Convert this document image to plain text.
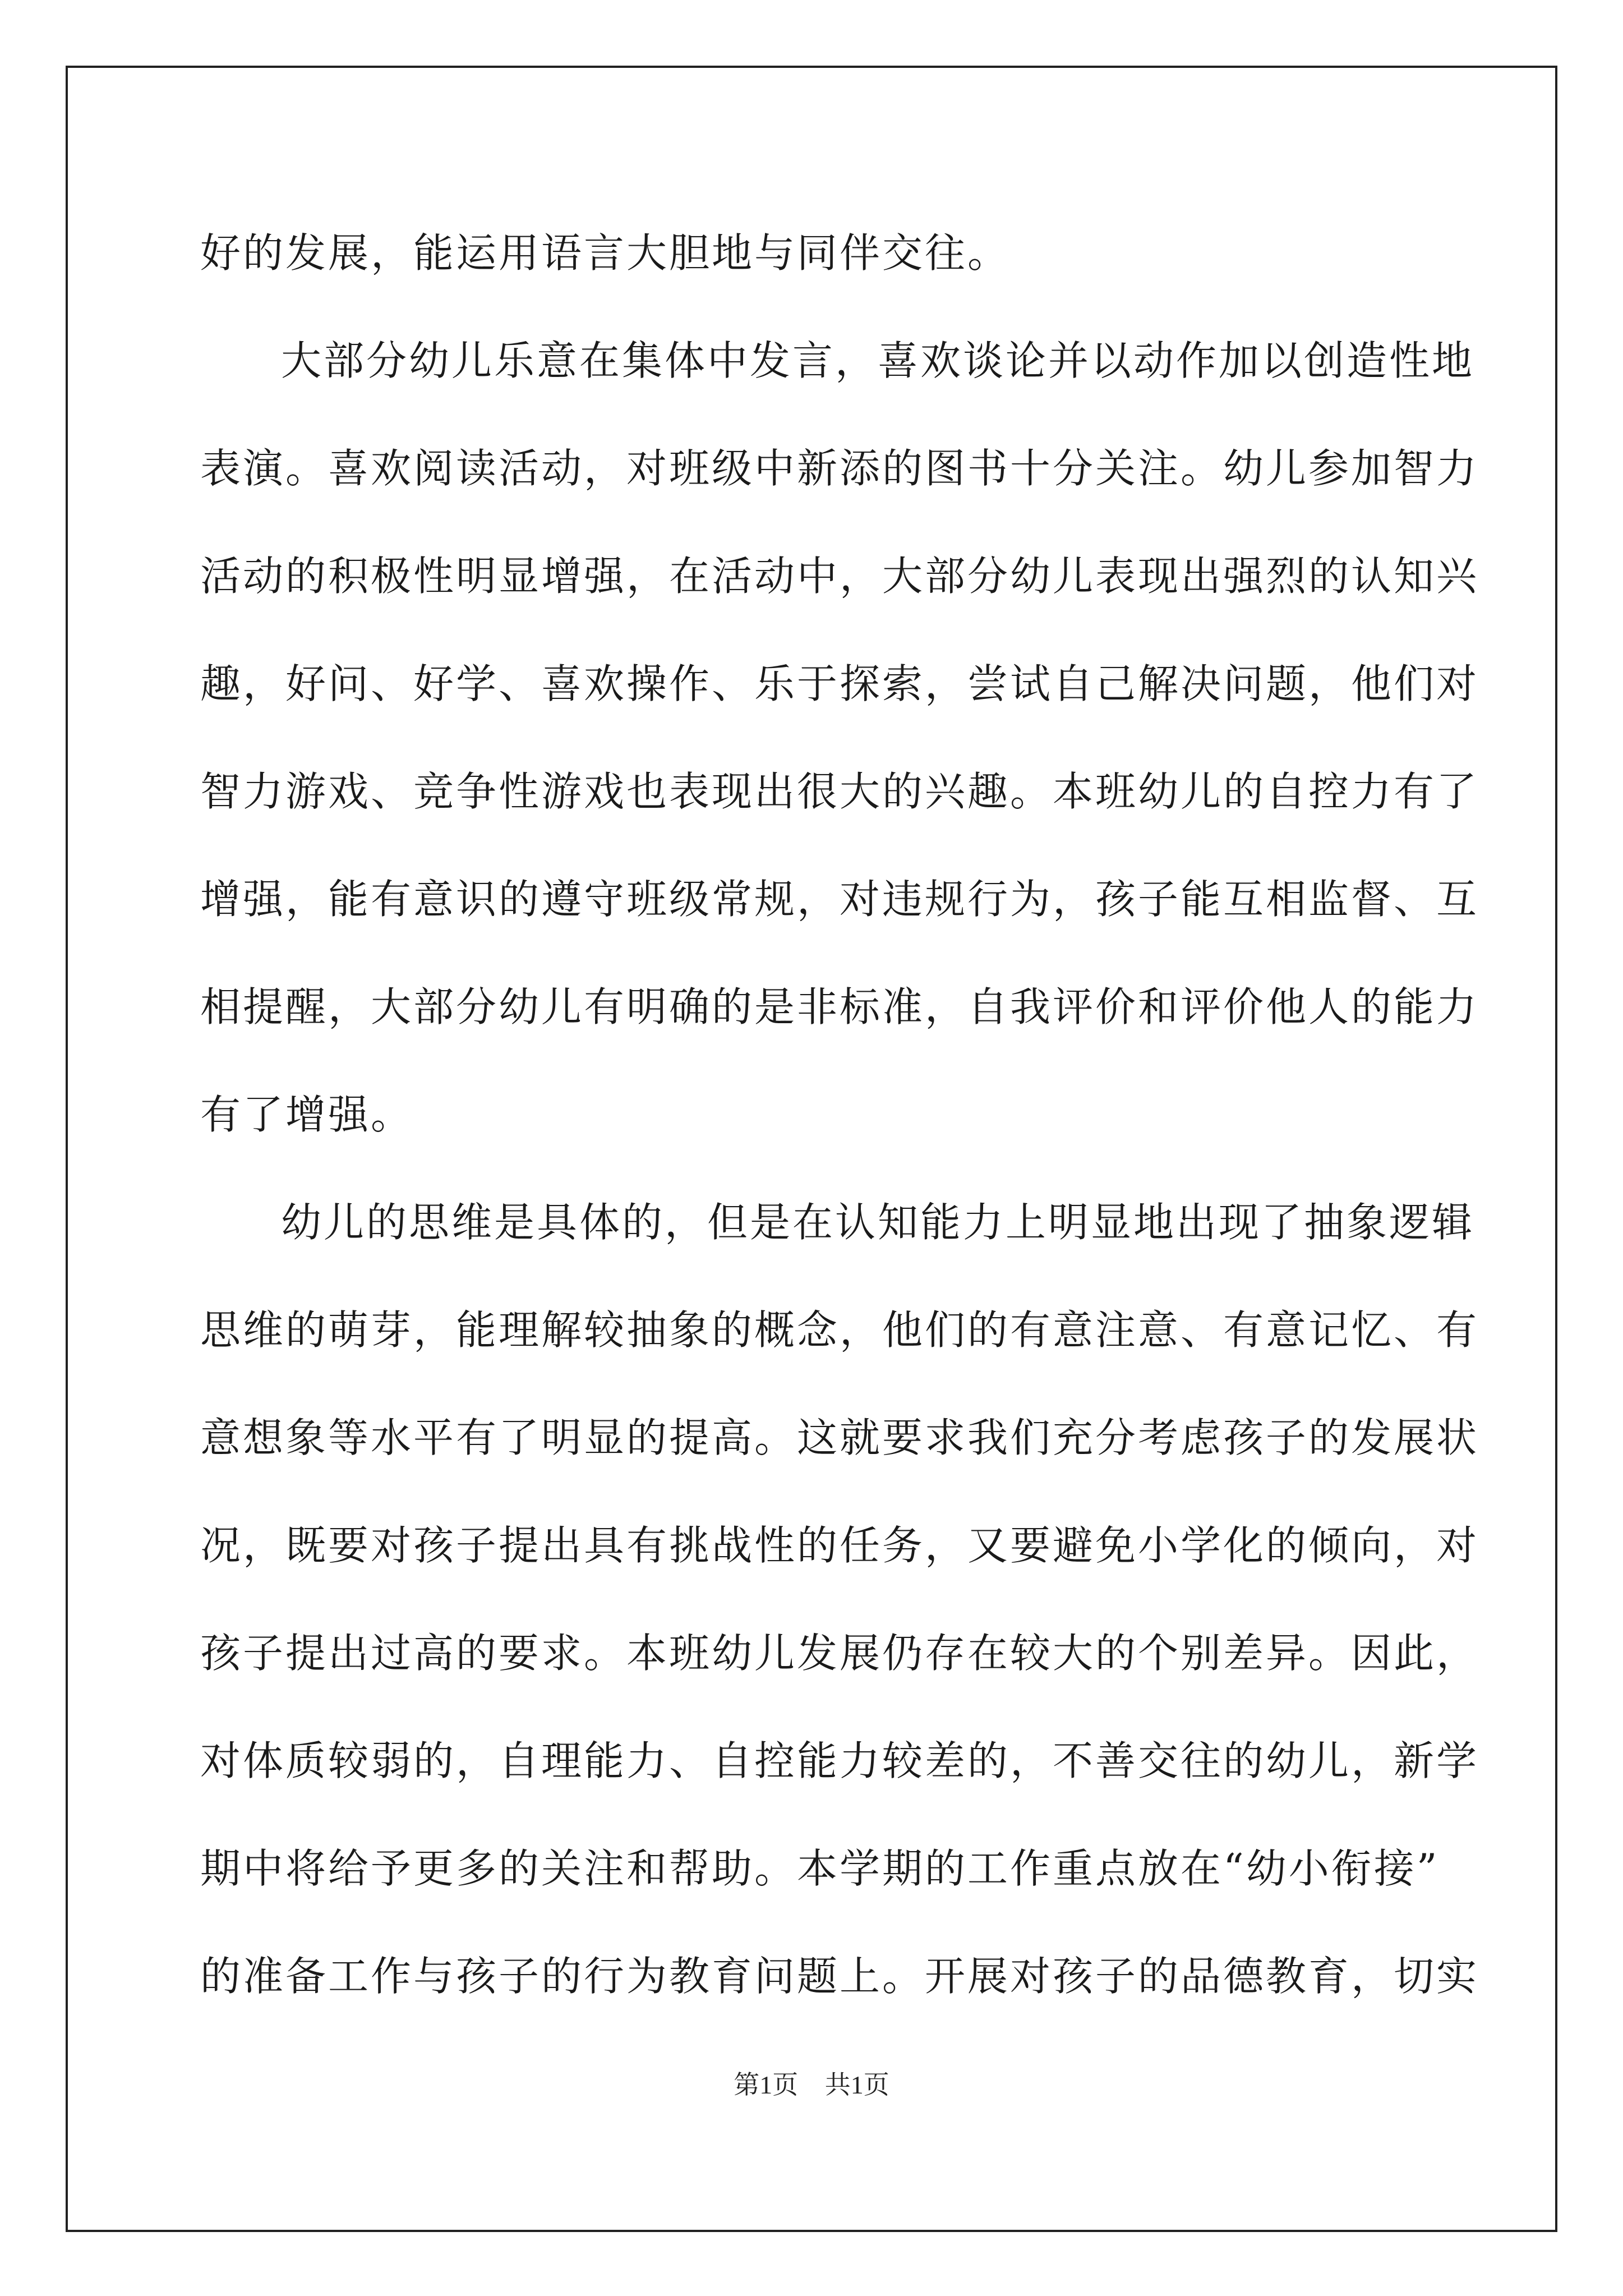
好的发展，能运用语言大胆地与同伴交往。
大部分幼儿乐意在集体中发言，喜欢谈论并以动作加以创造性地
表演。喜欢阅读活动，对班级中新添的图书十分关注。幼儿参加智力
活动的积极性明显增强，在活动中，大部分幼儿表现出强烈的认知兴
趣，好问、好学、喜欢操作、乐于探索，尝试自己解决问题，他们对
智力游戏、竞争性游戏也表现出很大的兴趣。本班幼儿的自控力有了
增强，能有意识的遵守班级常规，对违规行为，孩子能互相监督、互
相提醒，大部分幼儿有明确的是非标准，自我评价和评价他人的能力
有了增强。
幼儿的思维是具体的，但是在认知能力上明显地出现了抽象逻辑
思维的萌芽，能理解较抽象的概念，他们的有意注意、有意记忆、有
意想象等水平有了明显的提高。这就要求我们充分考虑孩子的发展状
况，既要对孩子提出具有挑战性的任务，又要避免小学化的倾向，对
孩子提出过高的要求。本班幼儿发展仍存在较大的个别差异。因此，
对体质较弱的，自理能力、自控能力较差的，不善交往的幼儿，新学
期中将给予更多的关注和帮助。本学期的工作重点放在“幼小衔接”
的准备工作与孩子的行为教育问题上。开展对孩子的品德教育，切实
第1页 共1页
